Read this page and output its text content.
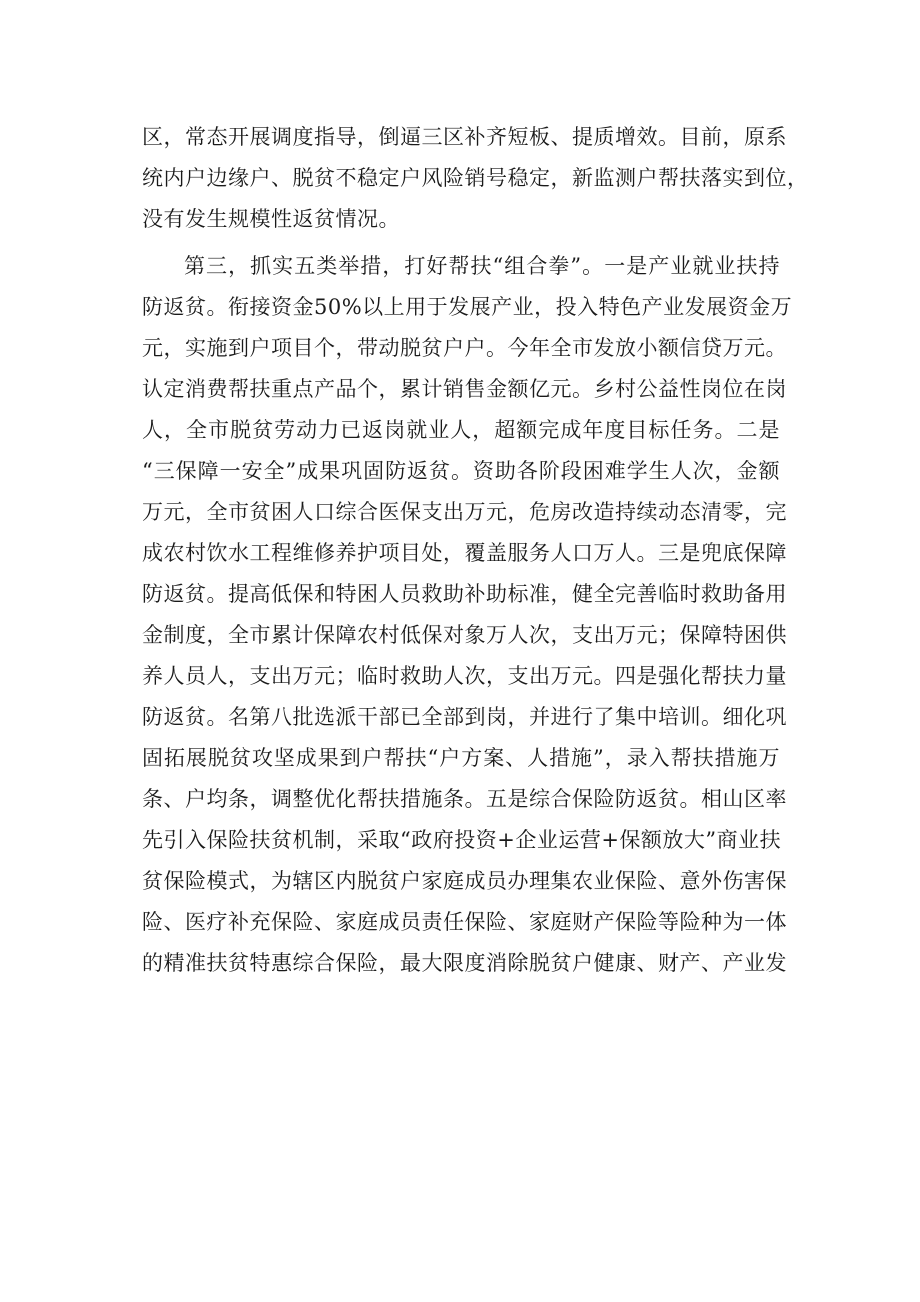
区，常态开展调度指导，倒逼三区补齐短板、提质增效。目前，原系
统内户边缘户、脱贫不稳定户风险销号稳定，新监测户帮扶落实到位，
没有发生规模性返贫情况。
第三，抓实五类举措，打好帮扶“组合拳”。一是产业就业扶持
防返贫。衔接资金50%以上用于发展产业，投入特色产业发展资金万
元，实施到户项目个，带动脱贫户户。今年全市发放小额信贷万元。
认定消费帮扶重点产品个，累计销售金额亿元。乡村公益性岗位在岗
人，全市脱贫劳动力已返岗就业人，超额完成年度目标任务。二是
“三保障一安全”成果巩固防返贫。资助各阶段困难学生人次，金额
万元，全市贫困人口综合医保支出万元，危房改造持续动态清零，完
成农村饮水工程维修养护项目处，覆盖服务人口万人。三是兜底保障
防返贫。提高低保和特困人员救助补助标准，健全完善临时救助备用
金制度，全市累计保障农村低保对象万人次，支出万元；保障特困供
养人员人，支出万元；临时救助人次，支出万元。四是强化帮扶力量
防返贫。名第八批选派干部已全部到岗，并进行了集中培训。细化巩
固拓展脱贫攻坚成果到户帮扶“户方案、人措施”，录入帮扶措施万
条、户均条，调整优化帮扶措施条。五是综合保险防返贫。相山区率
先引入保险扶贫机制，采取“政府投资+企业运营+保额放大”商业扶
贫保险模式，为辖区内脱贫户家庭成员办理集农业保险、意外伤害保
险、医疗补充保险、家庭成员责任保险、家庭财产保险等险种为一体
的精准扶贫特惠综合保险，最大限度消除脱贫户健康、财产、产业发
